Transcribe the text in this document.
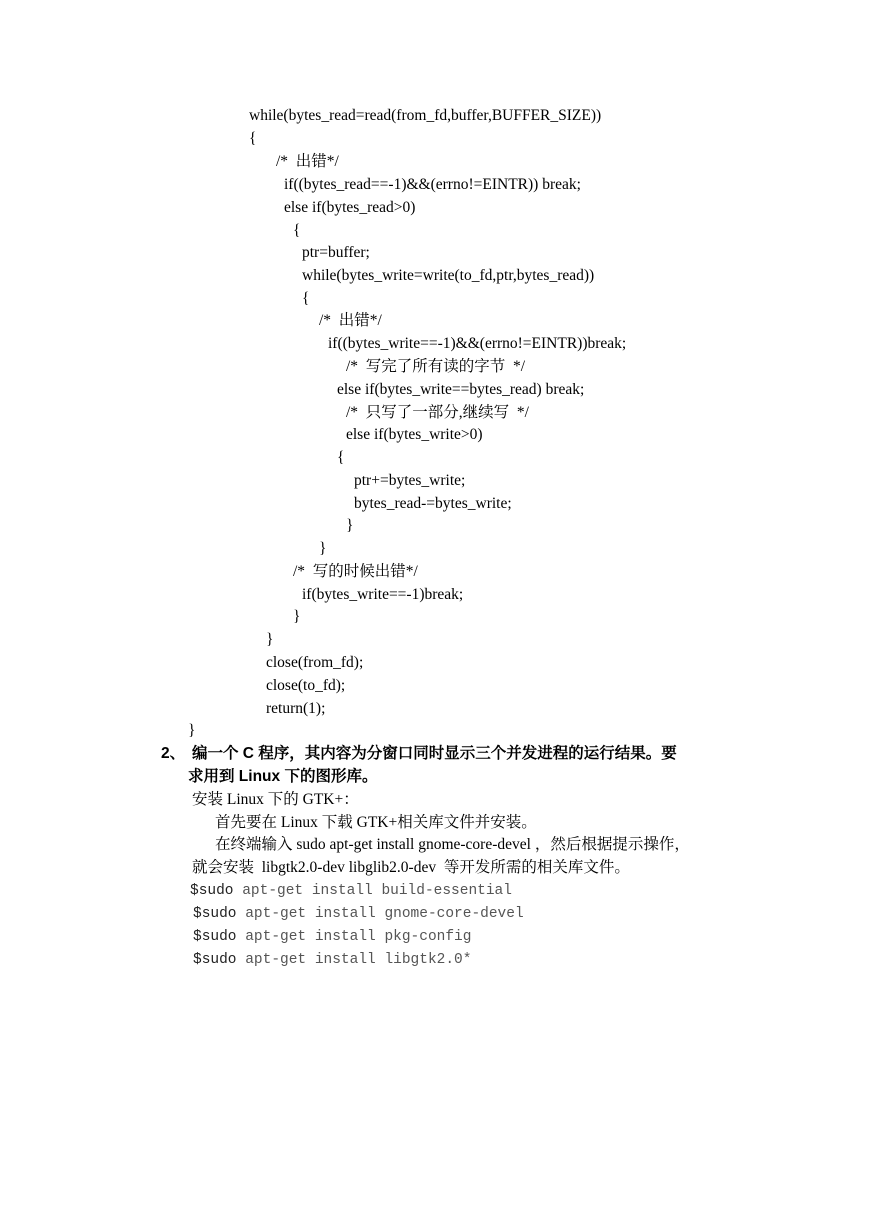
while(bytes_read=read(from_fd,buffer,BUFFER_SIZE))
{
/*  出错*/
if((bytes_read==-1)&&(errno!=EINTR)) break;
else if(bytes_read>0)
{
ptr=buffer;
while(bytes_write=write(to_fd,ptr,bytes_read))
{
/*  出错*/
if((bytes_write==-1)&&(errno!=EINTR))break;
/*  写完了所有读的字节  */
else if(bytes_write==bytes_read) break;
/*  只写了一部分,继续写  */
else if(bytes_write>0)
{
ptr+=bytes_write;
bytes_read-=bytes_write;
}
}
/*  写的时候出错*/
if(bytes_write==-1)break;
}
}
close(from_fd);
close(to_fd);
return(1);
}
2、 编一个 C 程序，其内容为分窗口同时显示三个并发进程的运行结果。要
求用到 Linux 下的图形库。
安装 Linux 下的 GTK+：
首先要在 Linux 下载 GTK+相关库文件并安装。
在终端输入 sudo apt-get install gnome-core-devel ，然后根据提示操作，
就会安装  libgtk2.0-dev libglib2.0-dev  等开发所需的相关库文件。
$sudo apt-get install build-essential
$sudo apt-get install gnome-core-devel
$sudo apt-get install pkg-config
$sudo apt-get install libgtk2.0*
